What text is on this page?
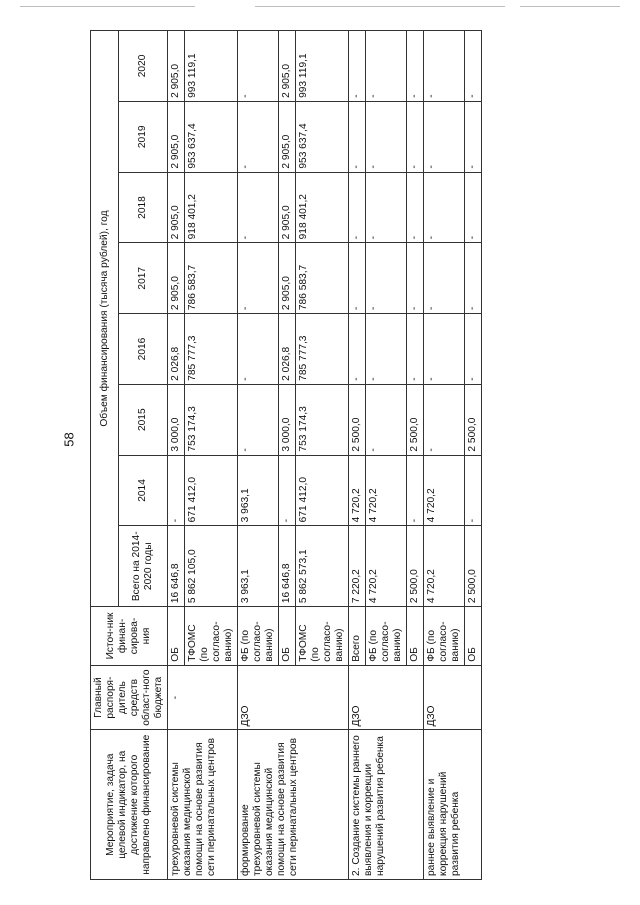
58
Мероприятие, задача целевой индикатор, на достижение которого направлено финансирование	Главный распоря-дитель средств област-ного бюджета	Источ-ник финан-сирова-ния	Объем финансирования (тысяча рублей), год							
			Всего на 2014-2020 годы	2014	2015	2016	2017	2018	2019	2020
трехуровневой системы оказания медицинской помощи на основе развития сети перинатальных центров	-	ОБ	16 646,8	-	3 000,0	2 026,8	2 905,0	2 905,0	2 905,0	2 905,0
		ТФОМС (по согласо-ванию)	5 862 105,0	671 412,0	753 174,3	785 777,3	786 583,7	918 401,2	953 637,4	993 119,1
формирование трехуровневой системы оказания медицинской помощи на основе развития сети перинатальных центров	ДЗО	ФБ (по согласо-ванию)	3 963,1	3 963,1	-	-	-	-	-	-
		ОБ	16 646,8	-	3 000,0	2 026,8	2 905,0	2 905,0	2 905,0	2 905,0
		ТФОМС (по согласо-ванию)	5 862 573,1	671 412,0	753 174,3	785 777,3	786 583,7	918 401,2	953 637,4	993 119,1
2. Создание системы раннего выявления и коррекции нарушений развития ребенка	ДЗО	Всего	7 220,2	4 720,2	2 500,0	-	-	-	-	-
		ФБ (по согласо-ванию)	4 720,2	4 720,2	-	-	-	-	-	-
		ОБ	2 500,0	-	2 500,0	-	-	-	-	-
раннее выявление и коррекция нарушений развития ребенка	ДЗО	ФБ (по согласо-ванию)	4 720,2	4 720,2	-	-	-	-	-	-
		ОБ	2 500,0	-	2 500,0	-	-	-	-	-
